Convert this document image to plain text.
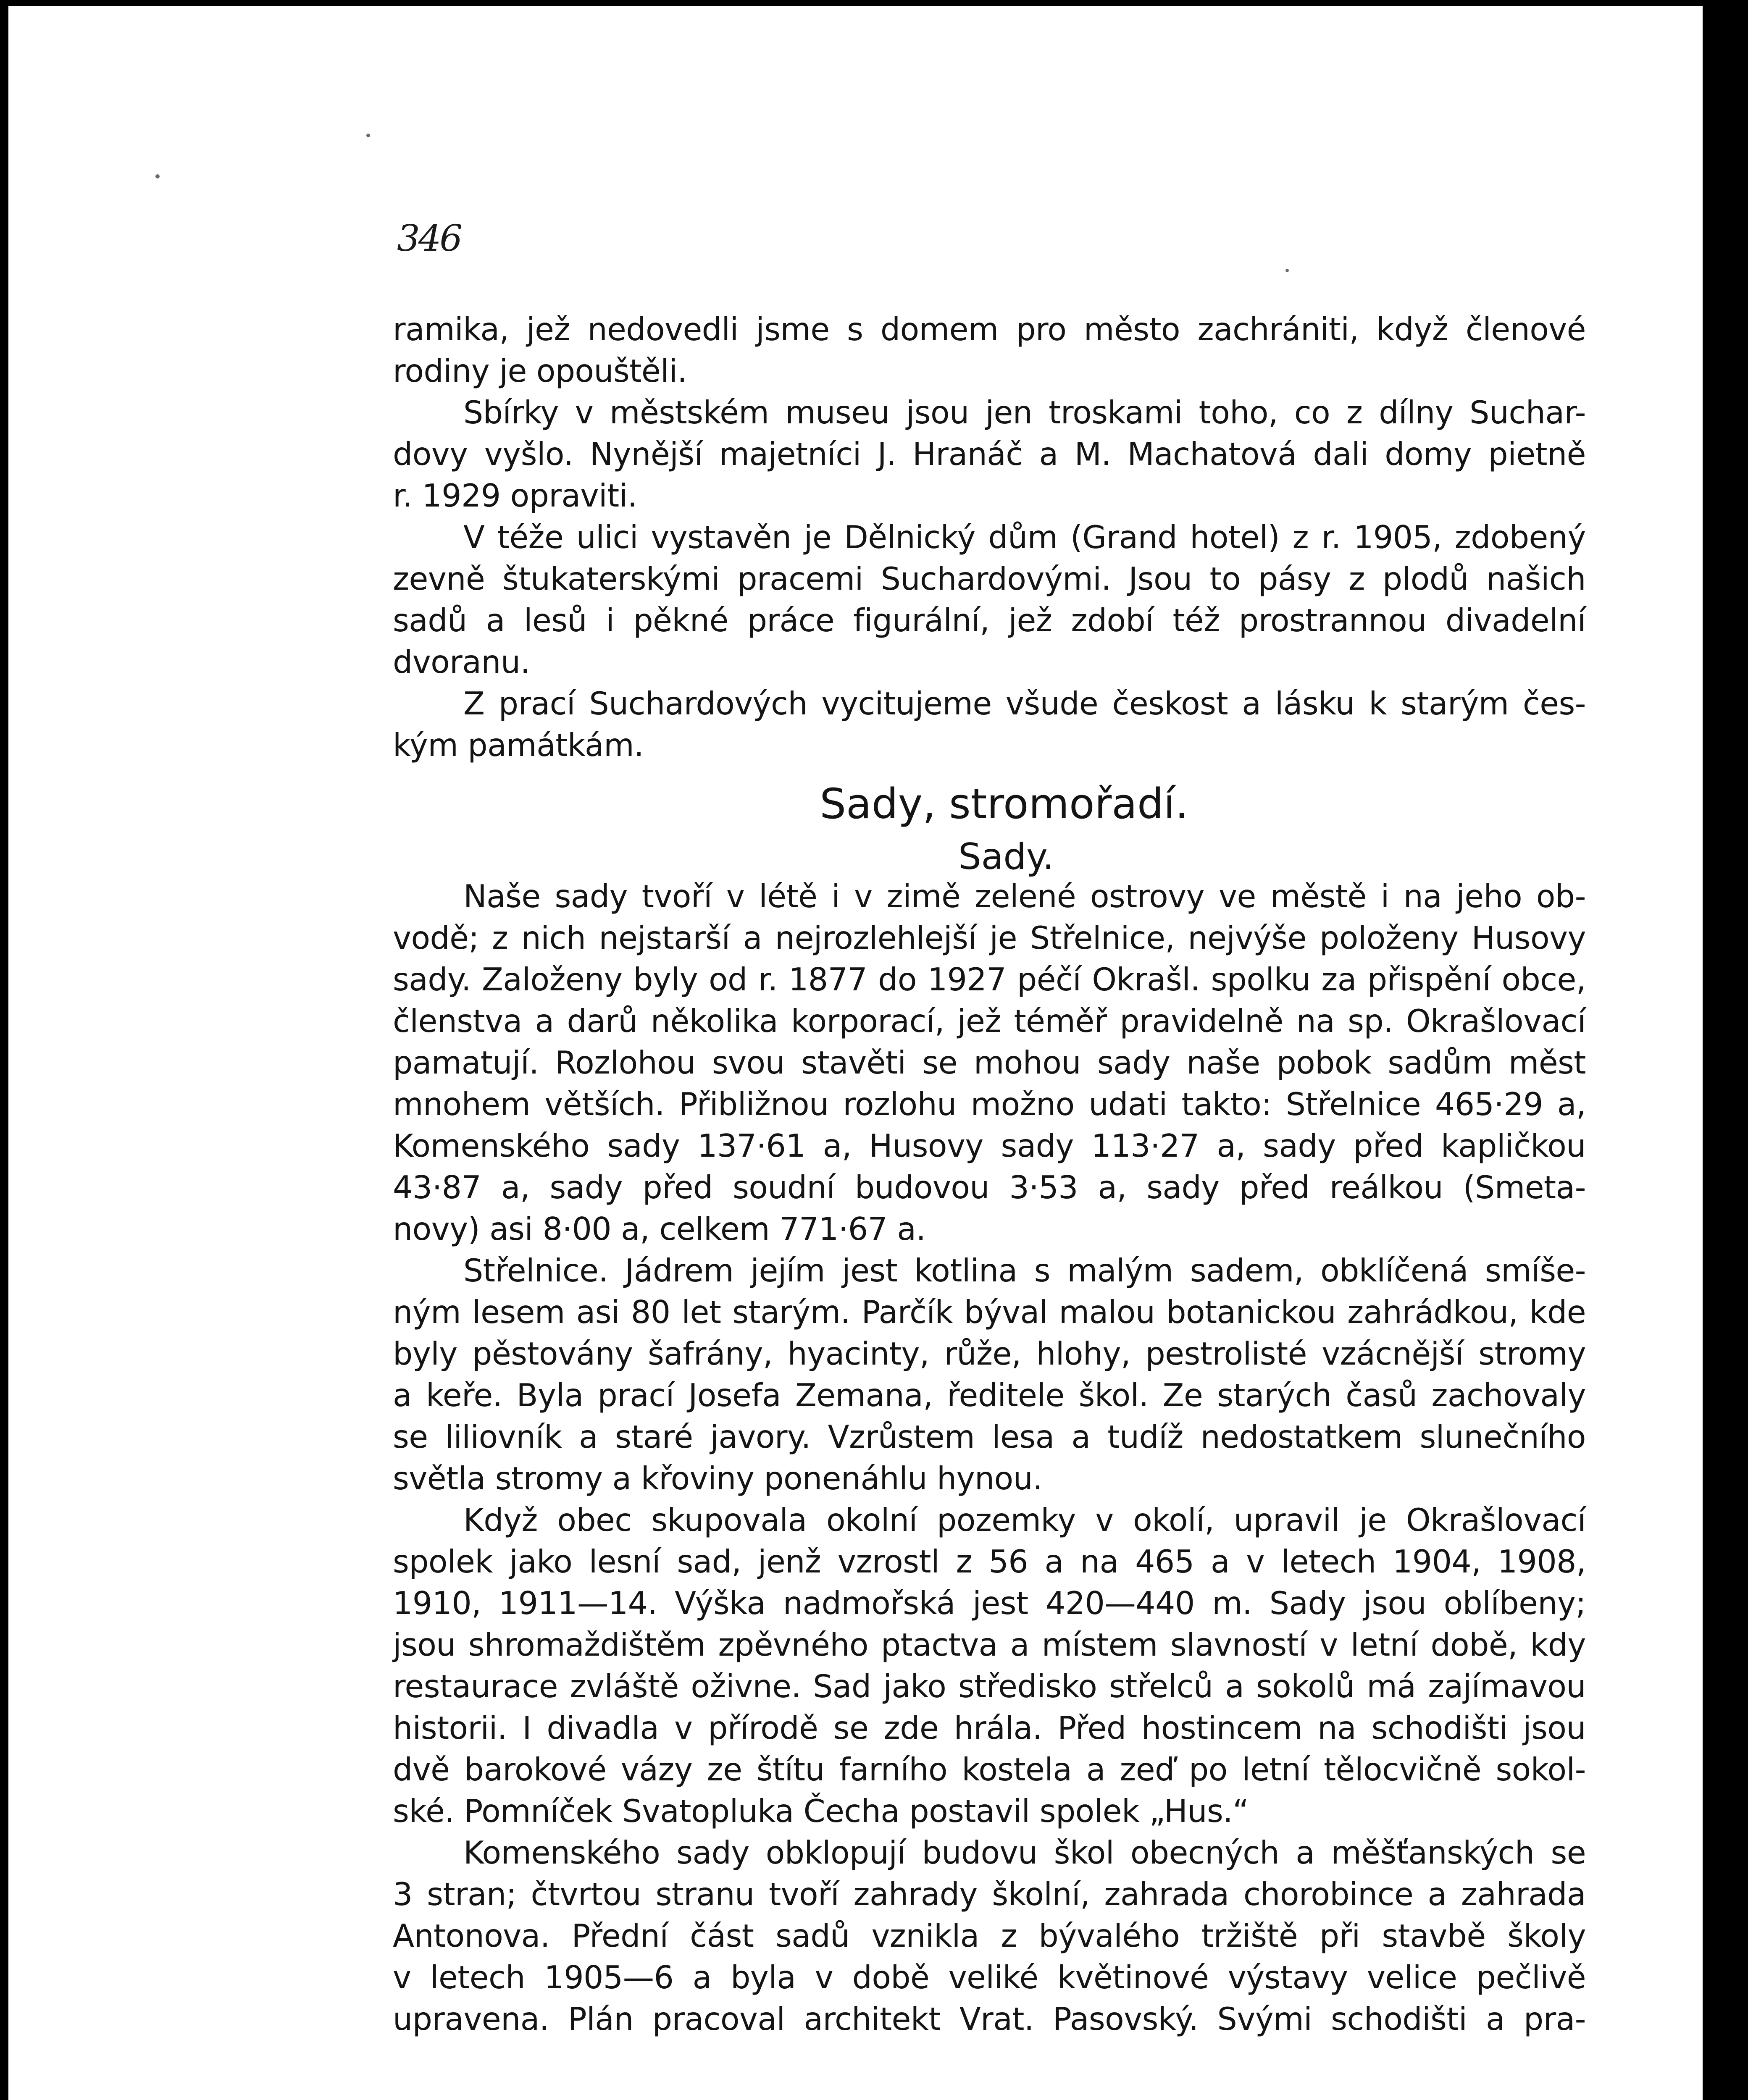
346

ramika, jež nedovedli jsme s domem pro město zachrániti, když členové

rodiny je opouštěli.

Sbírky v městském museu jsou jen troskami toho, co z dílny Suchar-

dovy vyšlo. Nynější majetníci J. Hranáč a M. Machatová dali domy pietně

r. 1929 opraviti.

V téže ulici vystavěn je Dělnický dům (Grand hotel) z r. 1905, zdobený

zevně štukaterskými pracemi Suchardovými. Jsou to pásy z plodů našich

sadů a lesů i pěkné práce figurální, jež zdobí též prostrannou divadelní

dvoranu.

Z prací Suchardových vycitujeme všude českost a lásku k starým čes-

kým památkám.

Sady, stromořadí.
Sady.

Naše sady tvoří v létě i v zimě zelené ostrovy ve městě i na jeho ob-

vodě; z nich nejstarší a nejrozlehlejší je Střelnice, nejvýše položeny Husovy

sady. Založeny byly od r. 1877 do 1927 péčí Okrašl. spolku za přispění obce,

členstva a darů několika korporací, jež téměř pravidelně na sp. Okrašlovací

pamatují. Rozlohou svou stavěti se mohou sady naše pobok sadům měst

mnohem větších. Přibližnou rozlohu možno udati takto: Střelnice 465·29 a,

Komenského sady 137·61 a, Husovy sady 113·27 a, sady před kapličkou

43·87 a, sady před soudní budovou 3·53 a, sady před reálkou (Smeta-

novy) asi 8·00 a, celkem 771·67 a.

Střelnice. Jádrem jejím jest kotlina s malým sadem, obklíčená smíše-

ným lesem asi 80 let starým. Parčík býval malou botanickou zahrádkou, kde

byly pěstovány šafrány, hyacinty, růže, hlohy, pestrolisté vzácnější stromy

a keře. Byla prací Josefa Zemana, ředitele škol. Ze starých časů zachovaly

se liliovník a staré javory. Vzrůstem lesa a tudíž nedostatkem slunečního

světla stromy a křoviny ponenáhlu hynou.

Když obec skupovala okolní pozemky v okolí, upravil je Okrašlovací

spolek jako lesní sad, jenž vzrostl z 56 a na 465 a v letech 1904, 1908,

1910, 1911—14. Výška nadmořská jest 420—440 m. Sady jsou oblíbeny;

jsou shromaždištěm zpěvného ptactva a místem slavností v letní době, kdy

restaurace zvláště oživne. Sad jako středisko střelců a sokolů má zajímavou

historii. I divadla v přírodě se zde hrála. Před hostincem na schodišti jsou

dvě barokové vázy ze štítu farního kostela a zeď po letní tělocvičně sokol-

ské. Pomníček Svatopluka Čecha postavil spolek „Hus.“

Komenského sady obklopují budovu škol obecných a měšťanských se

3 stran; čtvrtou stranu tvoří zahrady školní, zahrada chorobince a zahrada

Antonova. Přední část sadů vznikla z bývalého tržiště při stavbě školy

v letech 1905—6 a byla v době veliké květinové výstavy velice pečlivě

upravena. Plán pracoval architekt Vrat. Pasovský. Svými schodišti a pra-
